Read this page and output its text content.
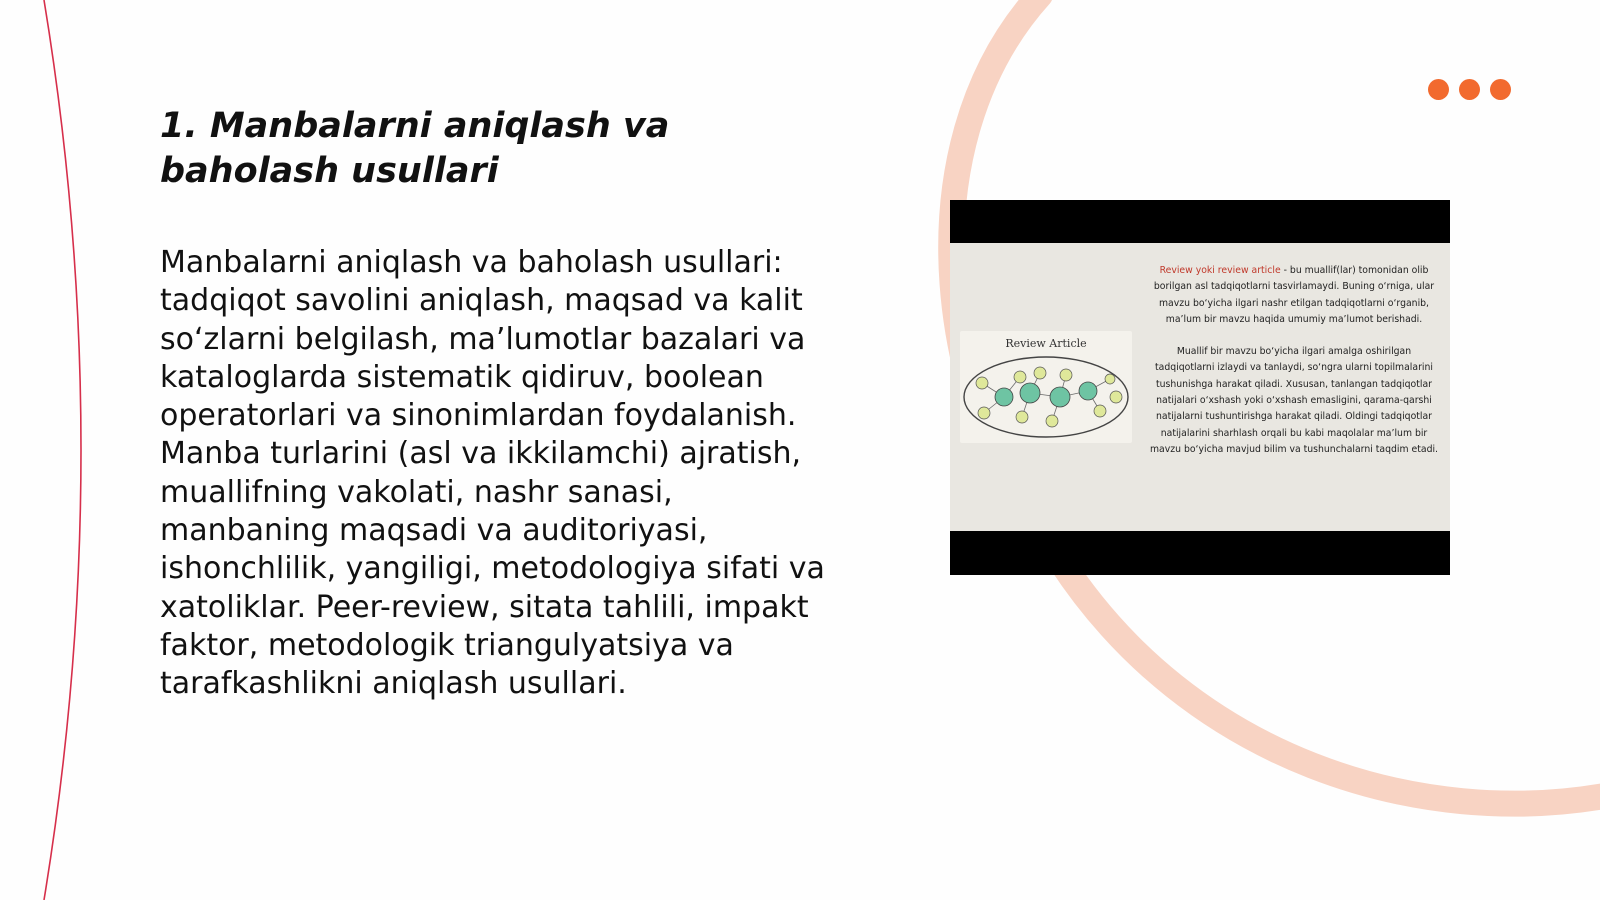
1. Manbalarni aniqlash va baholash usullari

Manbalarni aniqlash va baholash usullari: tadqiqot savolini aniqlash, maqsad va kalit so‘zlarni belgilash, ma’lumotlar bazalari va kataloglarda sistematik qidiruv, boolean operatorlari va sinonimlardan foydalanish. Manba turlarini (asl va ikkilamchi) ajratish, muallifning vakolati, nashr sanasi, manbaning maqsadi va auditoriyasi, ishonchlilik, yangiligi, metodologiya sifati va xatoliklar. Peer-review, sitata tahlili, impakt faktor, metodologik triangulyatsiya va tarafkashlikni aniqlash usullari.

Review Article

Review yoki review article - bu muallif(lar) tomonidan olib borilgan asl tadqiqotlarni tasvirlamaydi. Buning o‘rniga, ular mavzu bo‘yicha ilgari nashr etilgan tadqiqotlarni o‘rganib, ma’lum bir mavzu haqida umumiy ma’lumot berishadi.

Muallif bir mavzu bo‘yicha ilgari amalga oshirilgan tadqiqotlarni izlaydi va tanlaydi, so‘ngra ularni topilmalarini tushunishga harakat qiladi. Xususan, tanlangan tadqiqotlar natijalari o‘xshash yoki o‘xshash emasligini, qarama-qarshi natijalarni tushuntirishga harakat qiladi. Oldingi tadqiqotlar natijalarini sharhlash orqali bu kabi maqolalar ma’lum bir mavzu bo‘yicha mavjud bilim va tushunchalarni taqdim etadi.
